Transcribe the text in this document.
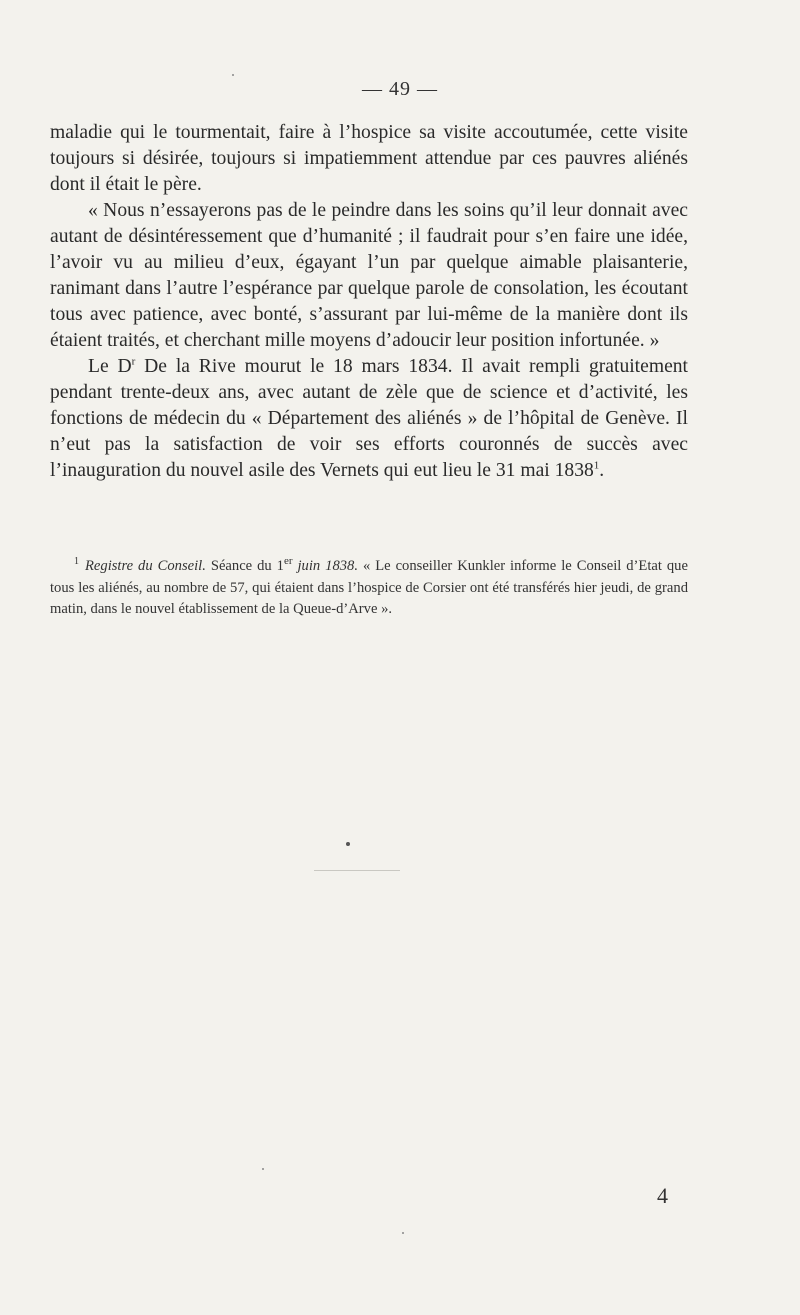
— 49 —

maladie qui le tourmentait, faire à l’hospice sa visite accoutumée, cette visite toujours si désirée, toujours si impatiemment attendue par ces pauvres aliénés dont il était le père.

« Nous n’essayerons pas de le peindre dans les soins qu’il leur donnait avec autant de désintéressement que d’humanité ; il faudrait pour s’en faire une idée, l’avoir vu au milieu d’eux, égayant l’un par quelque aimable plaisanterie, ranimant dans l’autre l’espérance par quelque parole de consolation, les écoutant tous avec patience, avec bonté, s’assurant par lui-même de la manière dont ils étaient traités, et cherchant mille moyens d’adoucir leur position infortunée. »

Le $D^r$ De la Rive mourut le 18 mars 1834. Il avait rempli gratuitement pendant trente-deux ans, avec autant de zèle que de science et d’activité, les fonctions de médecin du « Département des aliénés » de l’hôpital de Genève. Il n’eut pas la satisfaction de voir ses efforts couronnés de succès avec l’inauguration du nouvel asile des Vernets qui eut lieu le 31 mai 1838$^1$.

$^1$ Registre du Conseil. Séance du 1er juin 1838. « Le conseiller Kunkler informe le Conseil d’Etat que tous les aliénés, au nombre de 57, qui étaient dans l’hospice de Corsier ont été transférés hier jeudi, de grand matin, dans le nouvel établissement de la Queue-d’Arve ».

4
